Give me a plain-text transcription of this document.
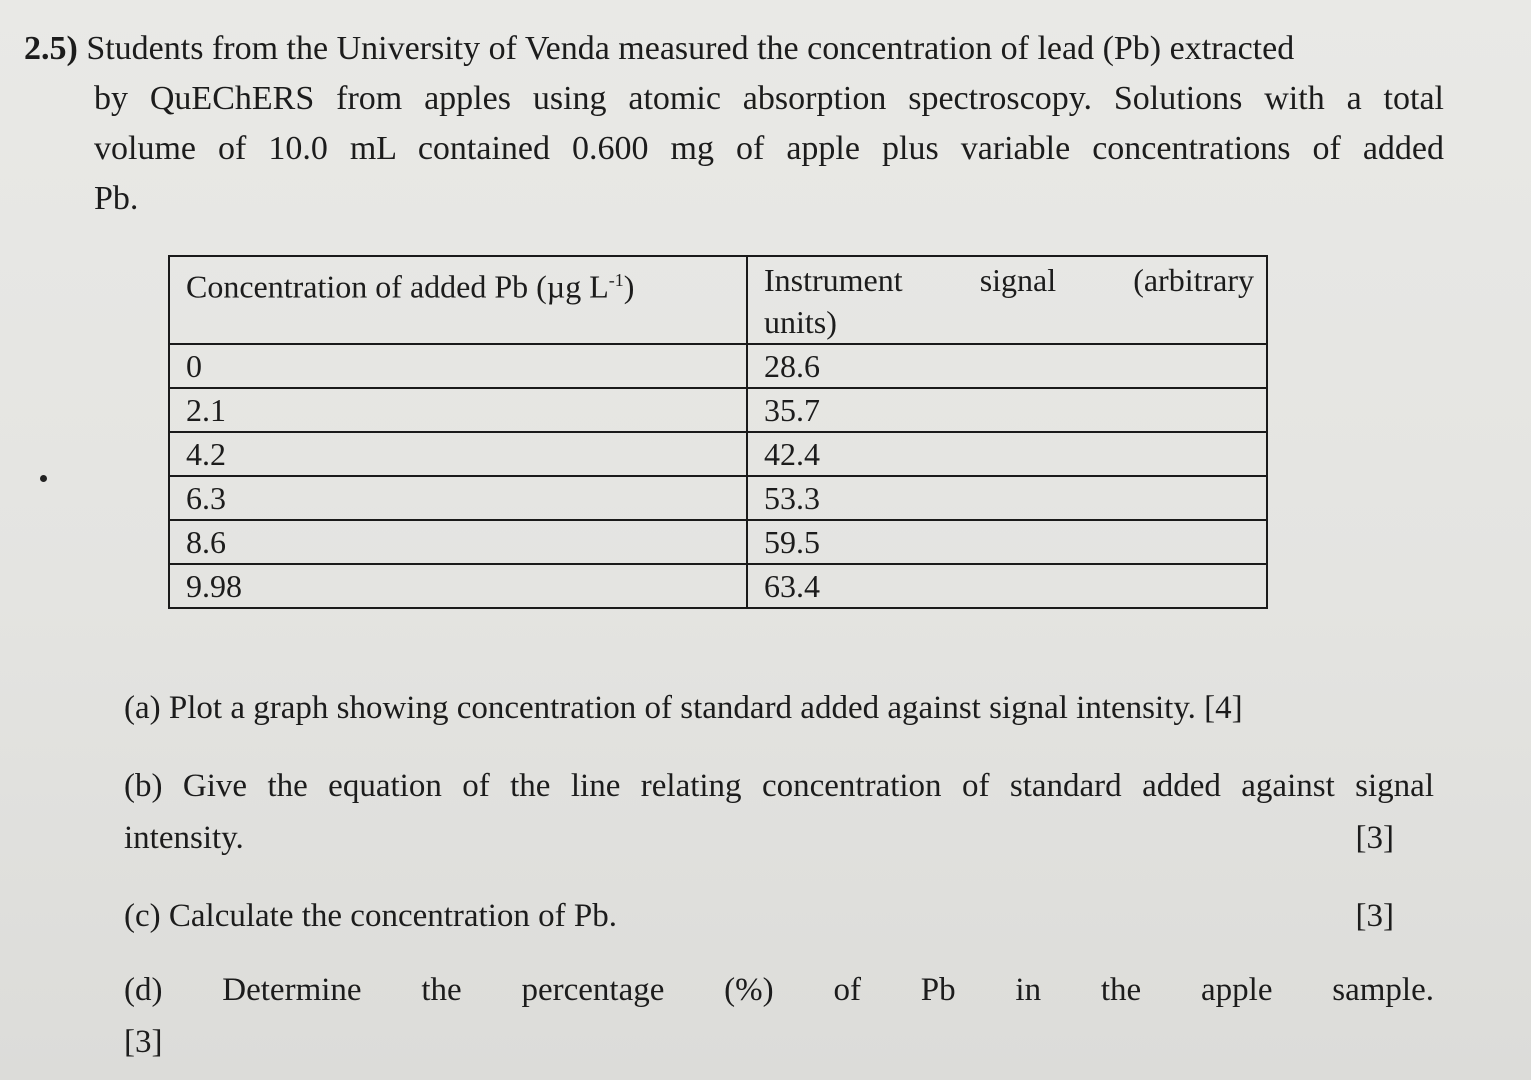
2.5) Students from the University of Venda measured the concentration of lead (Pb) extracted
by QuEChERS from apples using atomic absorption spectroscopy. Solutions with a total
volume of 10.0 mL contained 0.600 mg of apple plus variable concentrations of added
Pb.
Concentration of added Pb (µg $L^{-1}$)	Instrument signal (arbitrary
units)
0	28.6
2.1	35.7
4.2	42.4
6.3	53.3
8.6	59.5
9.98	63.4
(a) Plot a graph showing concentration of standard added against signal intensity. [4]
(b) Give the equation of the line relating concentration of standard added against signal
intensity.	[3]
(c) Calculate the concentration of Pb.	[3]
(d) Determine the percentage (%) of Pb in the apple sample.
[3]
